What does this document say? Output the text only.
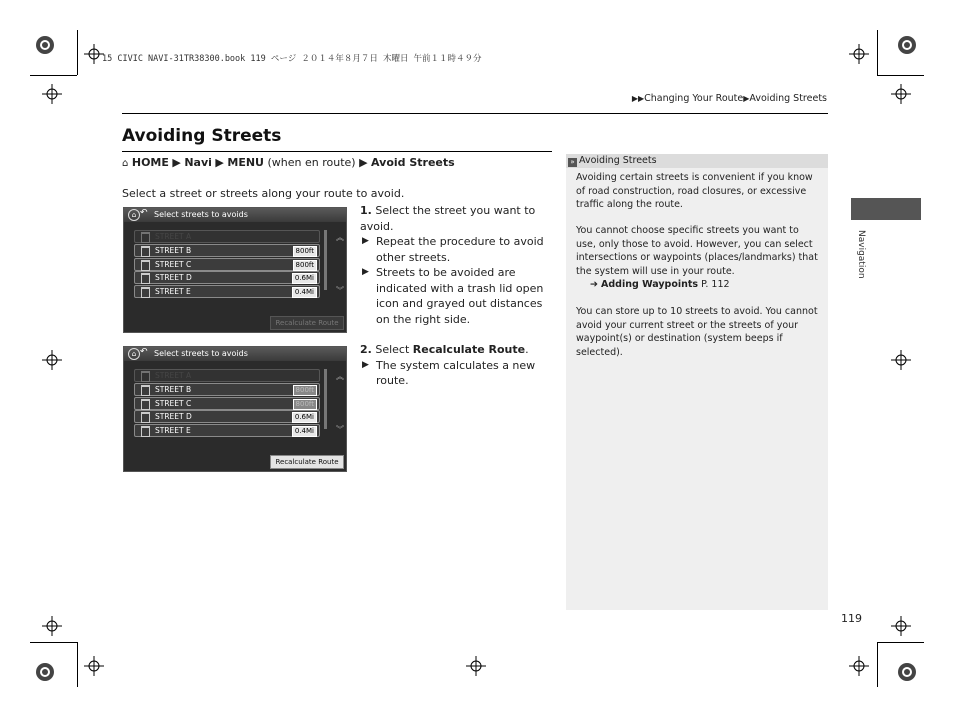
15 CIVIC NAVI-31TR38300.book 119 ページ ２０１４年８月７日 木曜日 午前１１時４９分
▶▶Changing Your Route▶Avoiding Streets
Avoiding Streets
⌂ HOME ▶ Navi ▶ MENU (when en route) ▶ Avoid Streets
Select a street or streets along your route to avoid.
⌂ ↶ Select streets to avoids
STREET A
STREET B	800ft
STREET C	800ft
STREET D	0.6Mi
STREET E	0.4Mi
︽
︾
Recalculate Route
⌂ ↶ Select streets to avoids
STREET A
STREET B	800ft
STREET C	800ft
STREET D	0.6Mi
STREET E	0.4Mi
︽
︾
Recalculate Route
1. Select the street you want to avoid.
▶ Repeat the procedure to avoid other streets.
▶ Streets to be avoided are indicated with a trash lid open icon and grayed out distances on the right side.
2. Select Recalculate Route.
▶ The system calculates a new route.
» Avoiding Streets
Avoiding certain streets is convenient if you know of road construction, road closures, or excessive traffic along the route.
You cannot choose specific streets you want to use, only those to avoid. However, you can select intersections or waypoints (places/landmarks) that the system will use in your route.
➔ Adding Waypoints P. 112
You can store up to 10 streets to avoid. You cannot avoid your current street or the streets of your waypoint(s) or destination (system beeps if selected).
Navigation
119
